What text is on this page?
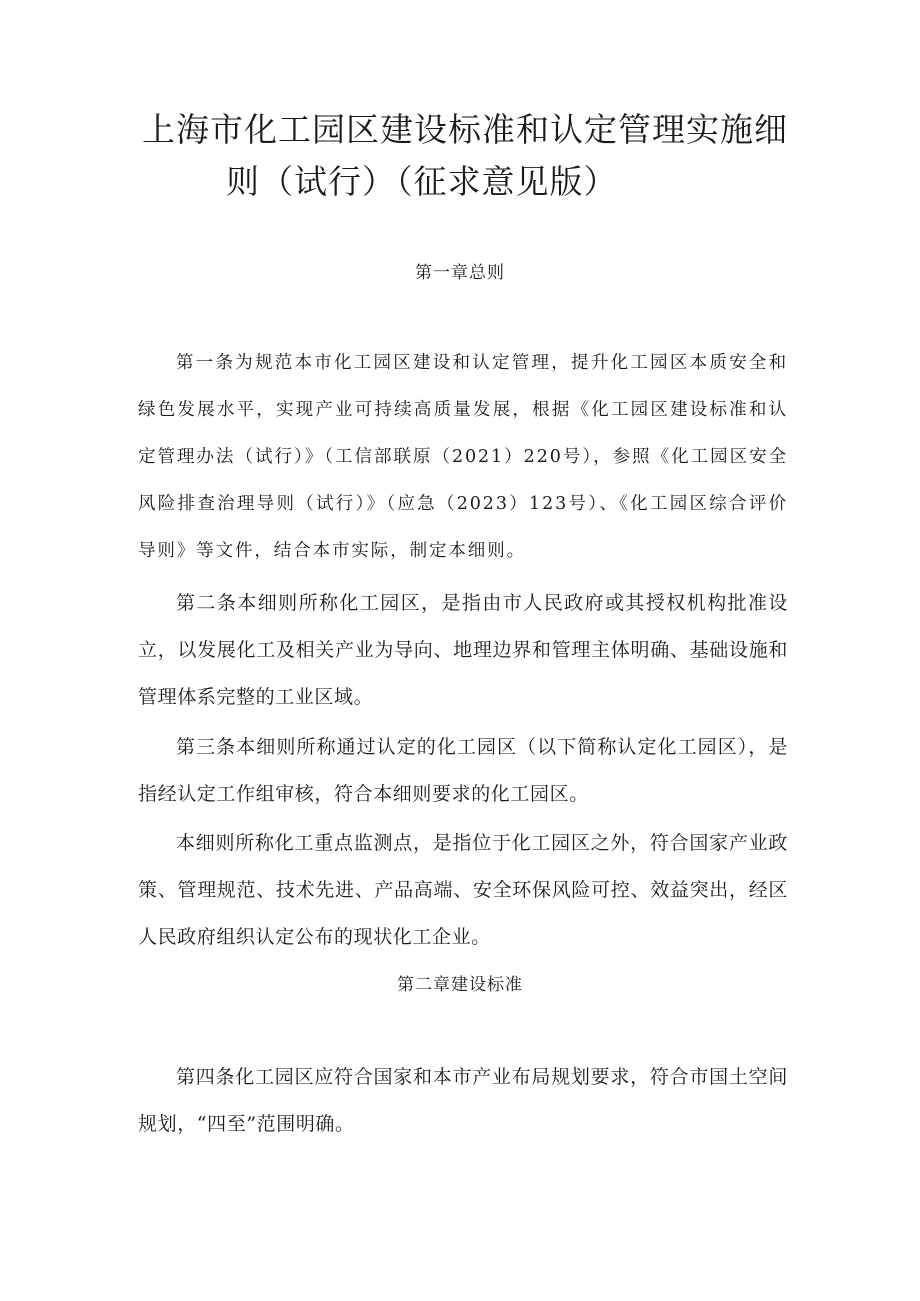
上海市化工园区建设标准和认定管理实施细
则（试行）（征求意见版）
第一章总则

第一条为规范本市化工园区建设和认定管理，提升化工园区本质安全和绿色发展水平，实现产业可持续高质量发展，根据《化工园区建设标准和认定管理办法（试行）》（工信部联原（2021）220号），参照《化工园区安全风险排查治理导则（试行）》（应急（2023）123号）、《化工园区综合评价导则》等文件，结合本市实际，制定本细则。

第二条本细则所称化工园区，是指由市人民政府或其授权机构批准设立，以发展化工及相关产业为导向、地理边界和管理主体明确、基础设施和管理体系完整的工业区域。

第三条本细则所称通过认定的化工园区（以下简称认定化工园区），是指经认定工作组审核，符合本细则要求的化工园区。

本细则所称化工重点监测点，是指位于化工园区之外，符合国家产业政策、管理规范、技术先进、产品高端、安全环保风险可控、效益突出，经区人民政府组织认定公布的现状化工企业。

第二章建设标准

第四条化工园区应符合国家和本市产业布局规划要求，符合市国土空间规划，“四至”范围明确。
